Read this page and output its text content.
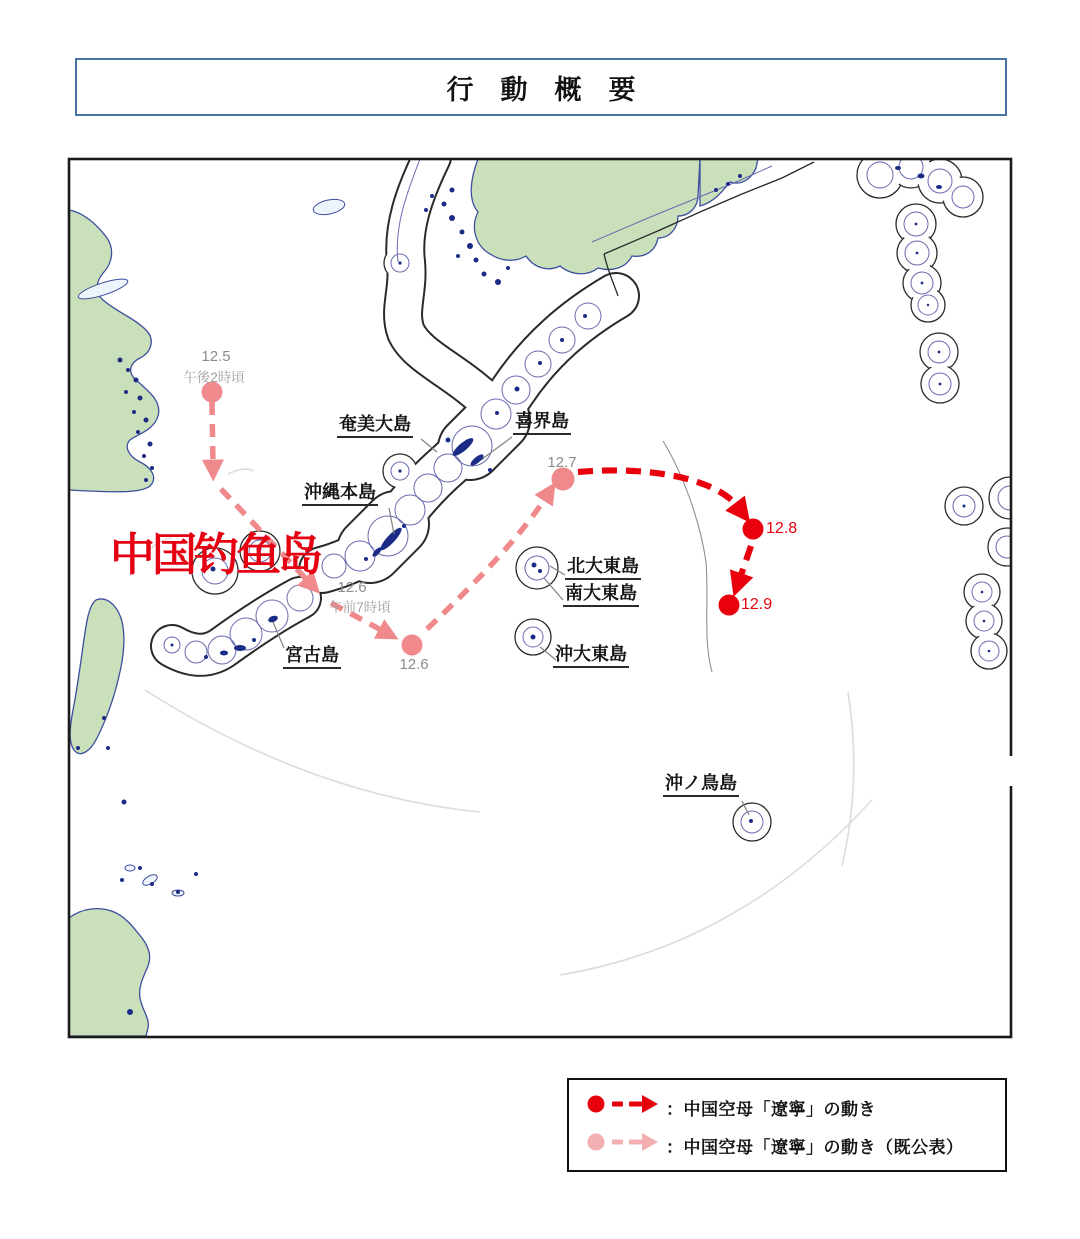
行　動　概　要
12.5
午後2時頃
12.6
午前7時頃
12.6
12.7
12.8
12.9
奄美大島	喜界島
沖縄本島
宮古島
北大東島
南大東島
沖大東島
沖ノ鳥島
中国钓鱼岛
：中国空母「遼寧」の動き
：中国空母「遼寧」の動き（既公表）
